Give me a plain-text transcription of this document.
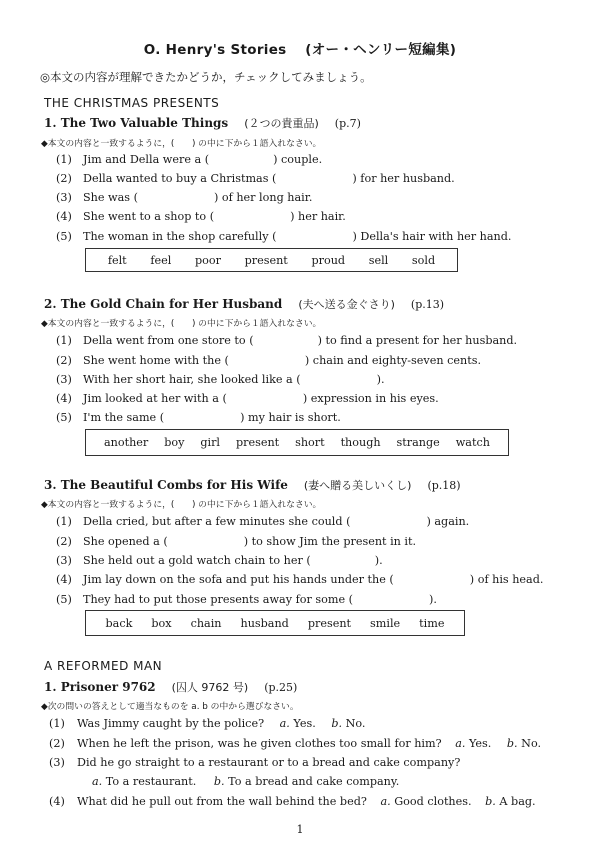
O. Henry's Stories　 (オー・ヘンリー短編集)
◎本文の内容が理解できたかどうか，チェックしてみましょう。
THE CHRISTMAS PRESENTS
1. The Two Valuable Things (２つの貴重品) (p.7)
◆本文の内容と一致するように，(　　) の中に下から１語入れなさい。
(1) Jim and Della were a (	) couple.
(2) Della wanted to buy a Christmas (	) for her husband.
(3) She was (	) of her long hair.
(4) She went to a shop to (	) her hair.
(5) The woman in the shop carefully (	) Della's hair with her hand.
felt feel poor present proud sell sold
2. The Gold Chain for Her Husband (夫へ送る金ぐさり) (p.13)
◆本文の内容と一致するように，(　　) の中に下から１語入れなさい。
(1) Della went from one store to (	) to find a present for her husband.
(2) She went home with the (	) chain and eighty-seven cents.
(3) With her short hair, she looked like a (	).
(4) Jim looked at her with a (	) expression in his eyes.
(5) I'm the same (	) my hair is short.
another boy girl present short though strange watch
3. The Beautiful Combs for His Wife (妻へ贈る美しいくし) (p.18)
◆本文の内容と一致するように，(　　) の中に下から１語入れなさい。
(1) Della cried, but after a few minutes she could (	) again.
(2) She opened a (	) to show Jim the present in it.
(3) She held out a gold watch chain to her (	).
(4) Jim lay down on the sofa and put his hands under the (	) of his head.
(5) They had to put those presents away for some (	).
back box chain husband present smile time
A REFORMED MAN
1. Prisoner 9762 (囚人 9762 号) (p.25)
◆次の問いの答えとして適当なものを a. b の中から選びなさい。
(1) Was Jimmy caught by the police? a. Yes. b. No.
(2) When he left the prison, was he given clothes too small for him? a. Yes. b. No.
(3) Did he go straight to a restaurant or to a bread and cake company?
a. To a restaurant. b. To a bread and cake company.
(4) What did he pull out from the wall behind the bed? a. Good clothes. b. A bag.
1
